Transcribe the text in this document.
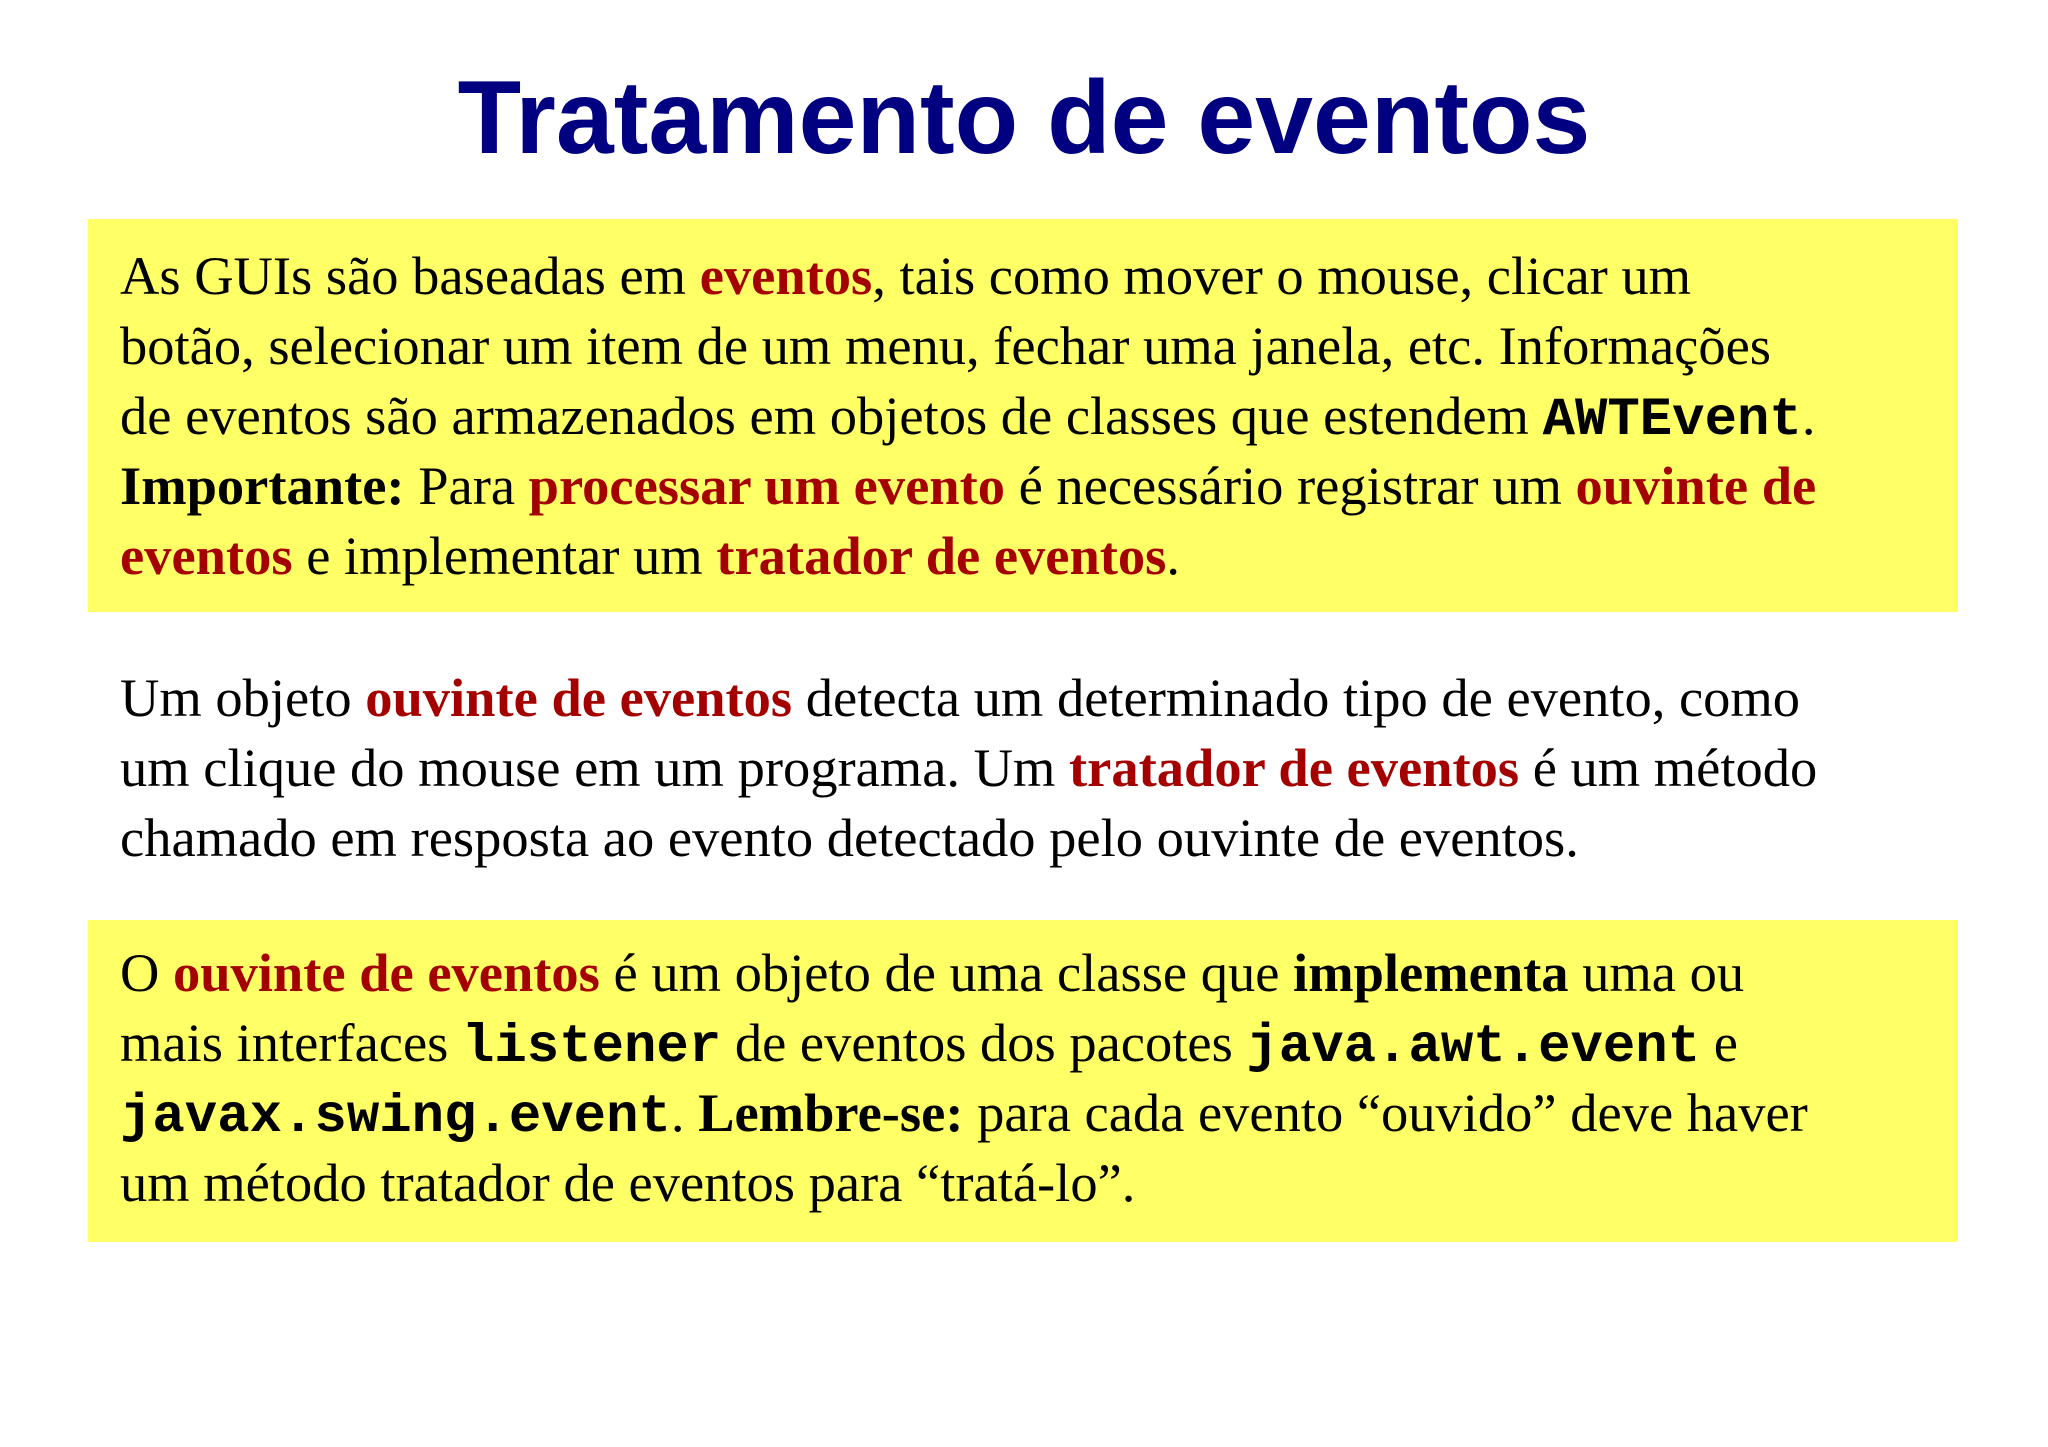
Tratamento de eventos
As GUIs são baseadas em eventos, tais como mover o mouse, clicar um
botão, selecionar um item de um menu, fechar uma janela, etc. Informações
de eventos são armazenados em objetos de classes que estendem AWTEvent.
Importante: Para processar um evento é necessário registrar um ouvinte de
eventos e implementar um tratador de eventos.
Um objeto ouvinte de eventos detecta um determinado tipo de evento, como
um clique do mouse em um programa. Um tratador de eventos é um método
chamado em resposta ao evento detectado pelo ouvinte de eventos.
O ouvinte de eventos é um objeto de uma classe que implementa uma ou
mais interfaces listener de eventos dos pacotes java.awt.event e
javax.swing.event. Lembre-se: para cada evento “ouvido” deve haver
um método tratador de eventos para “tratá-lo”.
